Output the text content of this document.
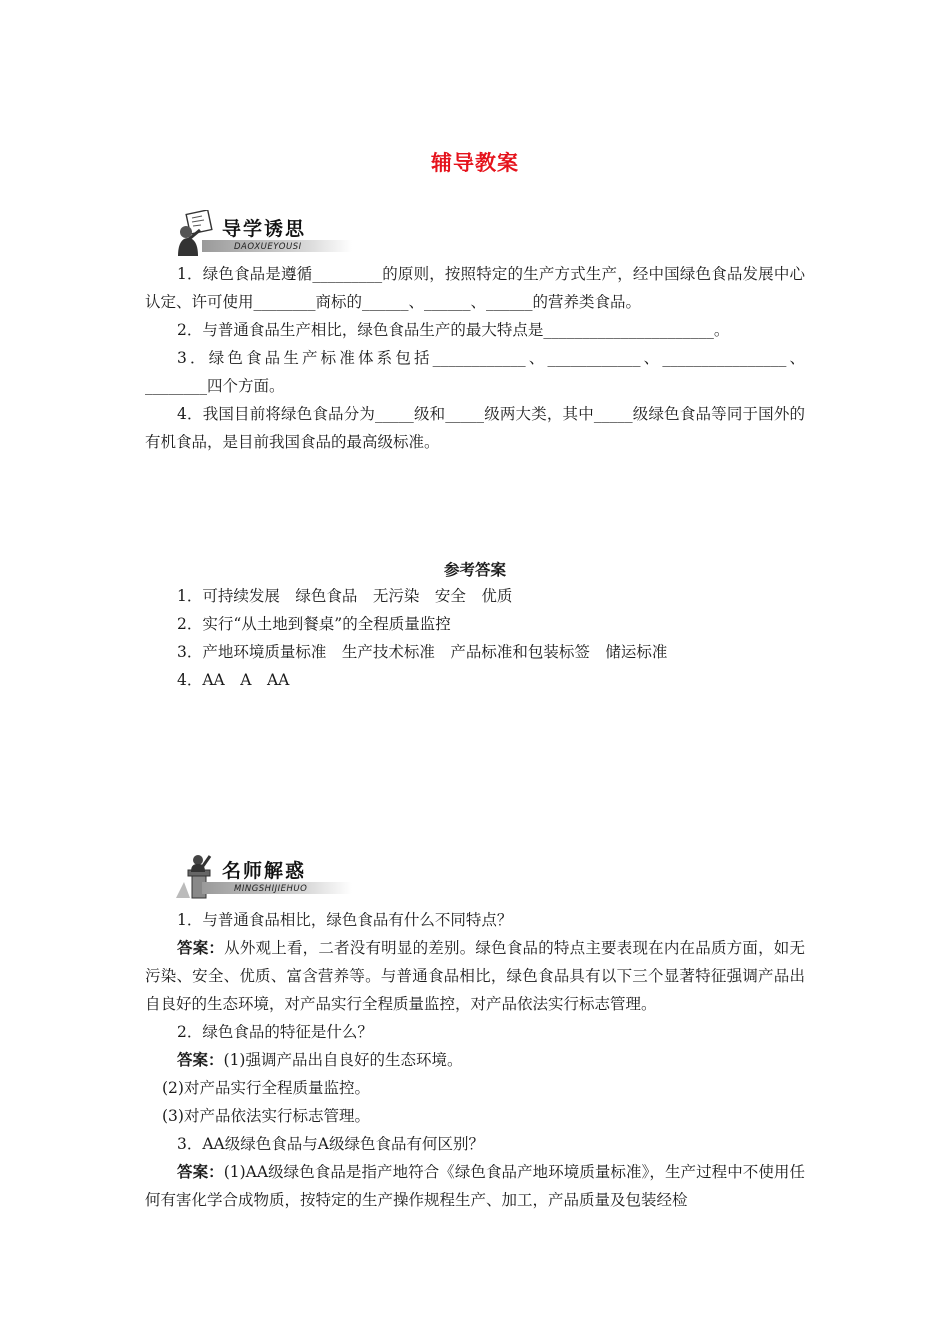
辅导教案
导学诱思
DAOXUEYOUSI

1．绿色食品是遵循_________的原则，按照特定的生产方式生产，经中国绿色食品发展中心认定、许可使用________商标的______、______、______的营养类食品。

2．与普通食品生产相比，绿色食品生产的最大特点是______________________。

3．绿色食品生产标准体系包括____________、____________、________________、________四个方面。

4．我国目前将绿色食品分为_____级和_____级两大类，其中_____级绿色食品等同于国外的有机食品，是目前我国食品的最高级标准。

参考答案

1．可持续发展　绿色食品　无污染　安全　优质

2．实行“从土地到餐桌”的全程质量监控

3．产地环境质量标准　生产技术标准　产品标准和包装标签　储运标准

4．AA　A　AA

名师解惑
MINGSHIJIEHUO

1．与普通食品相比，绿色食品有什么不同特点？

答案：从外观上看，二者没有明显的差别。绿色食品的特点主要表现在内在品质方面，如无污染、安全、优质、富含营养等。与普通食品相比，绿色食品具有以下三个显著特征强调产品出自良好的生态环境，对产品实行全程质量监控，对产品依法实行标志管理。

2．绿色食品的特征是什么？

答案：(1)强调产品出自良好的生态环境。

(2)对产品实行全程质量监控。

(3)对产品依法实行标志管理。

3．AA级绿色食品与A级绿色食品有何区别？

答案：(1)AA级绿色食品是指产地符合《绿色食品产地环境质量标准》，生产过程中不使用任何有害化学合成物质，按特定的生产操作规程生产、加工，产品质量及包装经检
